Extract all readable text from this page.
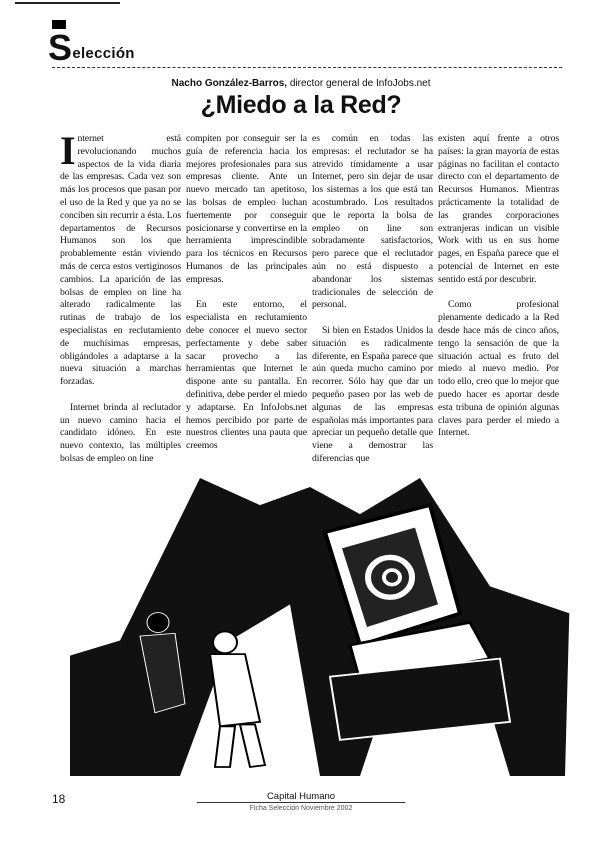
Selección
Nacho González-Barros, director general de InfoJobs.net
¿Miedo a la Red?

Internet está revolucionando muchos aspectos de la vida diaria de las empresas. Cada vez son más los procesos que pasan por el uso de la Red y que ya no se conciben sin recurrir a ésta. Los departamentos de Recursos Humanos son los que probablemente están viviendo más de cerca estos vertiginosos cambios. La aparición de las bolsas de empleo on line ha alterado radicalmente las rutinas de trabajo de los especialistas en reclutamiento de muchísimas empresas, obligándoles a adaptarse a la nueva situación a marchas forzadas.

Internet brinda al reclutador un nuevo camino hacia el candidato idóneo. En este nuevo contexto, las múltiples bolsas de empleo on line

compiten por conseguir ser la guía de referencia hacia los mejores profesionales para sus empresas cliente. Ante un nuevo mercado tan apetitoso, las bolsas de empleo luchan fuertemente por conseguir posicionarse y convertirse en la herramienta imprescindible para los técnicos en Recursos Humanos de las principales empresas.

En este entorno, el especialista en reclutamiento debe conocer el nuevo sector perfectamente y debe saber sacar provecho a las herramientas que Internet le dispone ante su pantalla. En definitiva, debe perder el miedo y adaptarse. En InfoJobs.net hemos percibido por parte de nuestros clientes una pauta que creemos

es común en todas las empresas: el reclutador se ha atrevido tímidamente a usar Internet, pero sin dejar de usar los sistemas a los que está tan acostumbrado. Los resultados que le reporta la bolsa de empleo on line son sobradamente satisfactorios, pero parece que el reclutador aún no está dispuesto a abandonar los sistemas tradicionales de selección de personal.

Si bien en Estados Unidos la situación es radicalmente diferente, en España parece que aún queda mucho camino por recorrer. Sólo hay que dar un pequeño paseo por las web de algunas de las empresas españolas más importantes para apreciar un pequeño detalle que viene a demostrar las diferencias que

existen aquí frente a otros países: la gran mayoría de estas páginas no facilitan el contacto directo con el departamento de Recursos Humanos. Mientras prácticamente la totalidad de las grandes corporaciones extranjeras indican un visible Work with us en sus home pages, en España parece que el potencial de Internet en este sentido está por descubrir.

Como profesional plenamente dedicado a la Red desde hace más de cinco años, tengo la sensación de que la situación actual es fruto del miedo al nuevo medio. Por todo ello, creo que lo mejor que puedo hacer es aportar desde esta tribuna de opinión algunas claves para perder el miedo a Internet.

18	Capital Humano
Ficha Selección Noviembre 2002
